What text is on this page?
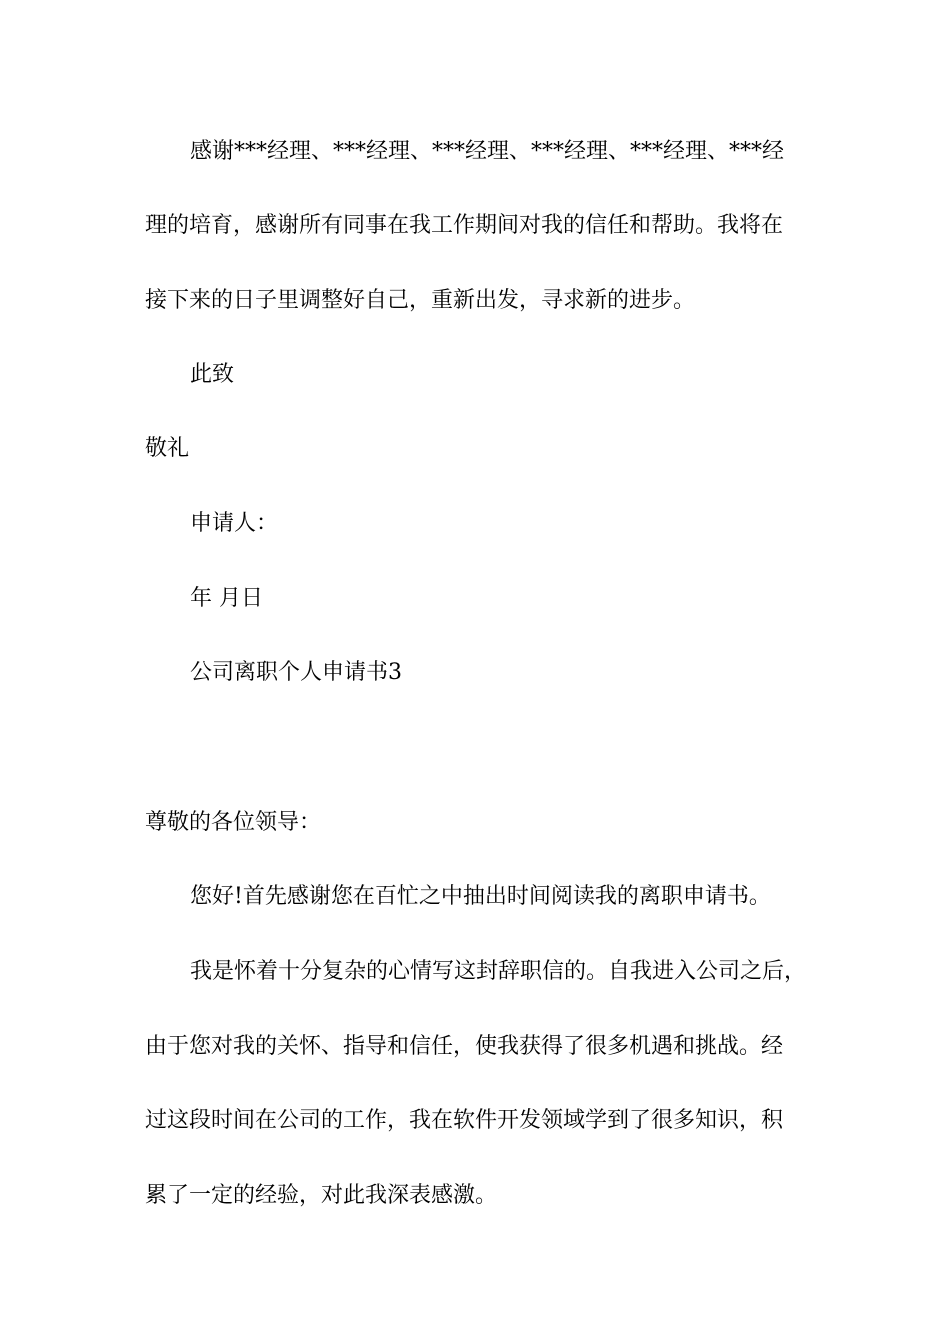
感谢***经理、***经理、***经理、***经理、***经理、***经
理的培育，感谢所有同事在我工作期间对我的信任和帮助。我将在
接下来的日子里调整好自己，重新出发，寻求新的进步。
此致
敬礼
申请人：
年 月日
公司离职个人申请书3
尊敬的各位领导：
您好!首先感谢您在百忙之中抽出时间阅读我的离职申请书。
我是怀着十分复杂的心情写这封辞职信的。自我进入公司之后，
由于您对我的关怀、指导和信任，使我获得了很多机遇和挑战。经
过这段时间在公司的工作，我在软件开发领域学到了很多知识，积
累了一定的经验，对此我深表感激。
